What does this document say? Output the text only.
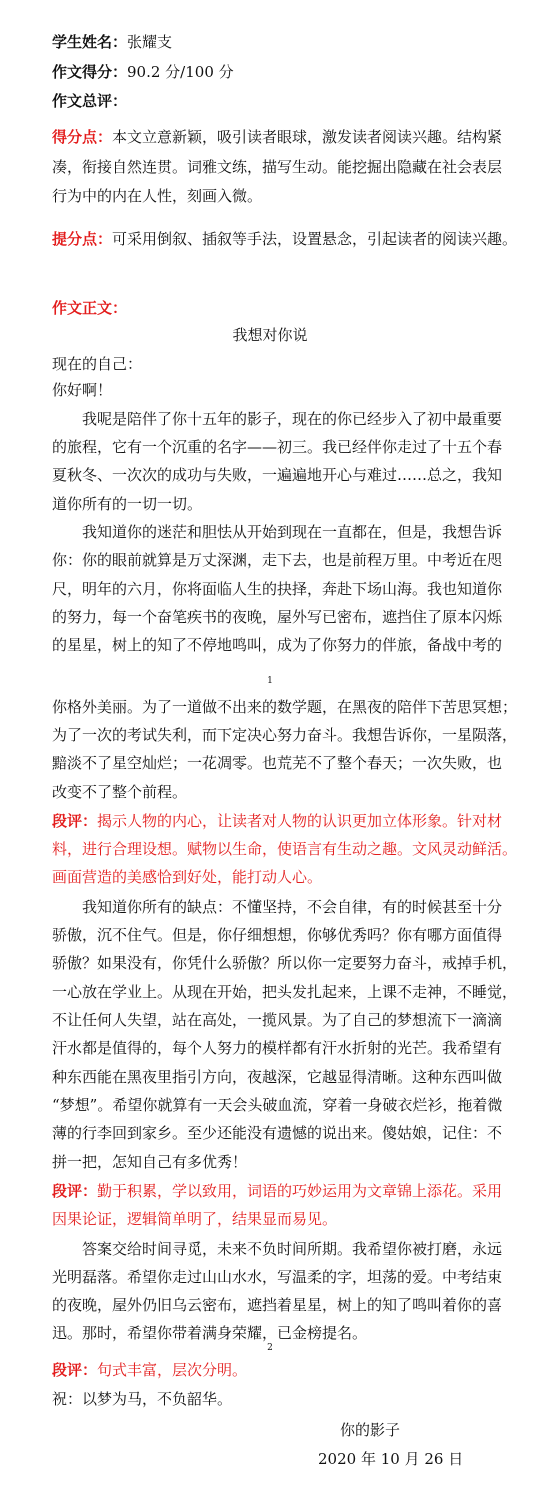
学生姓名：张耀支
作文得分：90.2 分/100 分
作文总评：
得分点：本文立意新颖，吸引读者眼球，激发读者阅读兴趣。结构紧
凑，衔接自然连贯。词雅文练，描写生动。能挖掘出隐藏在社会表层
行为中的内在人性，刻画入微。
提分点：可采用倒叙、插叙等手法，设置悬念，引起读者的阅读兴趣。
作文正文：
我想对你说
现在的自己：
你好啊！
我呢是陪伴了你十五年的影子，现在的你已经步入了初中最重要
的旅程，它有一个沉重的名字——初三。我已经伴你走过了十五个春
夏秋冬、一次次的成功与失败，一遍遍地开心与难过……总之，我知
道你所有的一切一切。
我知道你的迷茫和胆怯从开始到现在一直都在，但是，我想告诉
你：你的眼前就算是万丈深渊，走下去，也是前程万里。中考近在咫
尺，明年的六月，你将面临人生的抉择，奔赴下场山海。我也知道你
的努力，每一个奋笔疾书的夜晚，屋外写已密布，遮挡住了原本闪烁
的星星，树上的知了不停地鸣叫，成为了你努力的伴旅，备战中考的
1
你格外美丽。为了一道做不出来的数学题，在黑夜的陪伴下苦思冥想；
为了一次的考试失利，而下定决心努力奋斗。我想告诉你，一星陨落，
黯淡不了星空灿烂；一花凋零。也荒芜不了整个春天；一次失败，也
改变不了整个前程。
段评：揭示人物的内心，让读者对人物的认识更加立体形象。针对材
料，进行合理设想。赋物以生命，使语言有生动之趣。文风灵动鲜活。
画面营造的美感恰到好处，能打动人心。
我知道你所有的缺点：不懂坚持，不会自律，有的时候甚至十分
骄傲，沉不住气。但是，你仔细想想，你够优秀吗？你有哪方面值得
骄傲？如果没有，你凭什么骄傲？所以你一定要努力奋斗，戒掉手机，
一心放在学业上。从现在开始，把头发扎起来，上课不走神，不睡觉，
不让任何人失望，站在高处，一揽风景。为了自己的梦想流下一滴滴
汗水都是值得的，每个人努力的模样都有汗水折射的光芒。我希望有
种东西能在黑夜里指引方向，夜越深，它越显得清晰。这种东西叫做
“梦想”。希望你就算有一天会头破血流，穿着一身破衣烂衫，拖着微
薄的行李回到家乡。至少还能没有遗憾的说出来。傻姑娘，记住：不
拼一把，怎知自己有多优秀！
段评：勤于积累，学以致用，词语的巧妙运用为文章锦上添花。采用
因果论证，逻辑简单明了，结果显而易见。
答案交给时间寻觅，未来不负时间所期。我希望你被打磨，永远
光明磊落。希望你走过山山水水，写温柔的字，坦荡的爱。中考结束
的夜晚，屋外仍旧乌云密布，遮挡着星星，树上的知了鸣叫着你的喜
迅。那时，希望你带着满身荣耀，已金榜提名。
2
段评：句式丰富，层次分明。
祝：以梦为马，不负韶华。
你的影子
2020 年 10 月 26 日
